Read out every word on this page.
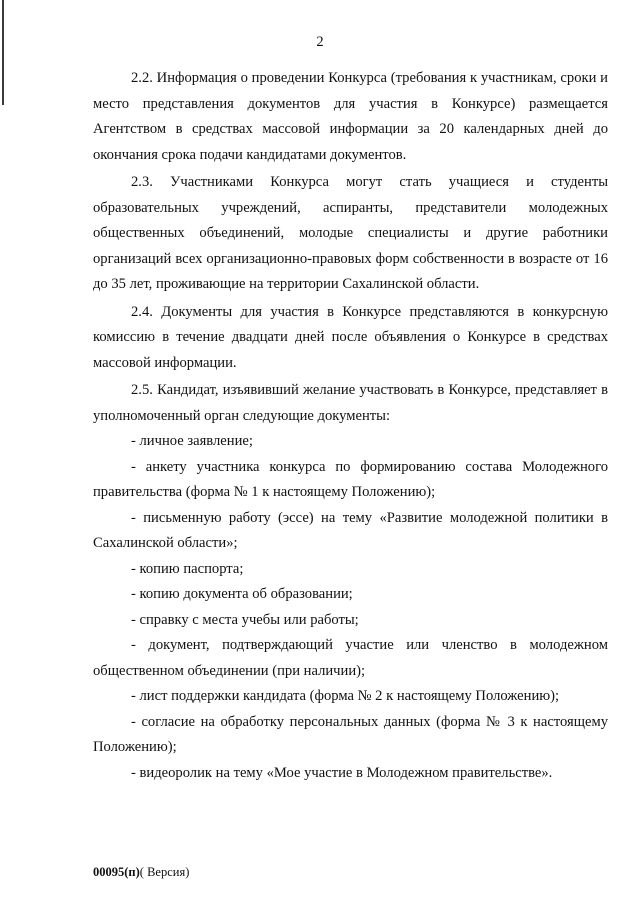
2

2.2. Информация о проведении Конкурса (требования к участникам, сроки и место представления документов для участия в Конкурсе) размещается Агентством в средствах массовой информации за 20 календарных дней до окончания срока подачи кандидатами документов.

2.3. Участниками Конкурса могут стать учащиеся и студенты образовательных учреждений, аспиранты, представители молодежных общественных объединений, молодые специалисты и другие работники организаций всех организационно-правовых форм собственности в возрасте от 16 до 35 лет, проживающие на территории Сахалинской области.

2.4. Документы для участия в Конкурсе представляются в конкурсную комиссию в течение двадцати дней после объявления о Конкурсе в средствах массовой информации.

2.5. Кандидат, изъявивший желание участвовать в Конкурсе, представляет в уполномоченный орган следующие документы:

- личное заявление;

- анкету участника конкурса по формированию состава Молодежного правительства (форма № 1 к настоящему Положению);

- письменную работу (эссе) на тему «Развитие молодежной политики в Сахалинской области»;

- копию паспорта;

- копию документа об образовании;

- справку с места учебы или работы;

- документ, подтверждающий участие или членство в молодежном общественном объединении (при наличии);

- лист поддержки кандидата (форма № 2 к настоящему Положению);

- согласие на обработку персональных данных (форма № 3 к настоящему Положению);

- видеоролик на тему «Мое участие в Молодежном правительстве».

00095(п)( Версия)
